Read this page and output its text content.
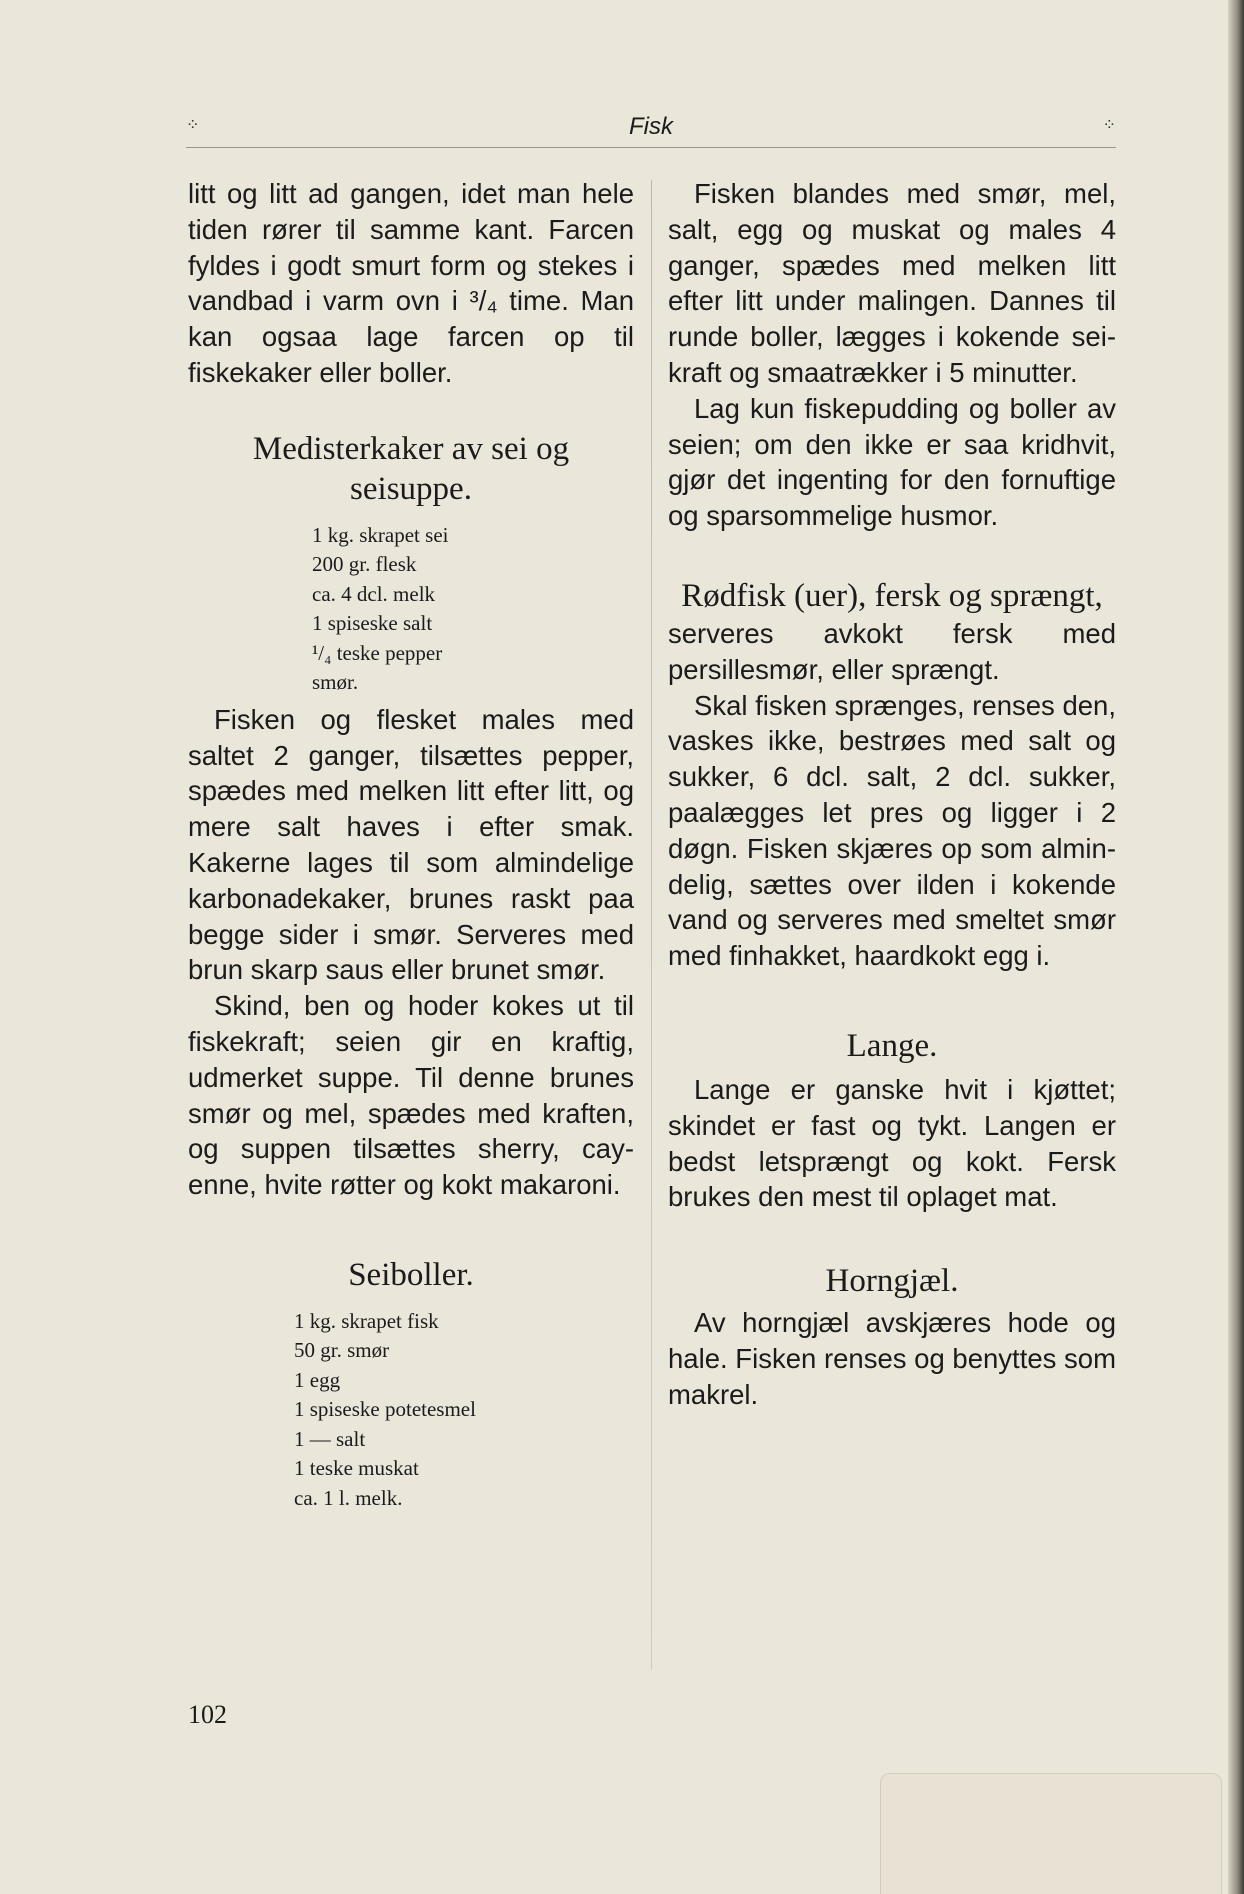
⁘	Fisk	⁘

litt og litt ad gangen, idet man hele tiden rører til samme kant. Farcen fyldes i godt smurt form og stekes i vandbad i varm ovn i ³/₄ time. Man kan ogsaa lage farcen op til fiskekaker eller boller.

Medisterkaker av sei og seisuppe.
1 kg. skrapet sei
200 gr. flesk
ca. 4 dcl. melk
1 spiseske salt
¹/₄ teske pepper
smør.

Fisken og flesket males med saltet 2 ganger, tilsættes pepper, spædes med melken litt efter litt, og mere salt haves i efter smak. Kakerne lages til som almindelige karbonadekaker, brunes raskt paa begge sider i smør. Serveres med brun skarp saus eller brunet smør.

Skind, ben og hoder kokes ut til fiskekraft; seien gir en kraftig, udmerket suppe. Til denne brunes smør og mel, spædes med kraften, og suppen tilsættes sherry, cayenne, hvite røtter og kokt makaroni.

Seiboller.
1 kg. skrapet fisk
50 gr. smør
1 egg
1 spiseske potetesmel
1 — salt
1 teske muskat
ca. 1 l. melk.

Fisken blandes med smør, mel, salt, egg og muskat og males 4 ganger, spædes med melken litt efter litt under malingen. Dannes til runde boller, lægges i kokende seikraft og smaatrækker i 5 minutter.

Lag kun fiskepudding og boller av seien; om den ikke er saa kridhvit, gjør det ingenting for den fornuftige og sparsommelige husmor.

Rødfisk (uer), fersk og sprængt,

serveres avkokt fersk med persillesmør, eller sprængt.

Skal fisken sprænges, renses den, vaskes ikke, bestrøes med salt og sukker, 6 dcl. salt, 2 dcl. sukker, paalægges let pres og ligger i 2 døgn. Fisken skjæres op som almindelig, sættes over ilden i kokende vand og serveres med smeltet smør med finhakket, haardkokt egg i.

Lange.

Lange er ganske hvit i kjøttet; skindet er fast og tykt. Langen er bedst letsprængt og kokt. Fersk brukes den mest til oplaget mat.

Horngjæl.

Av horngjæl avskjæres hode og hale. Fisken renses og benyttes som makrel.

102
